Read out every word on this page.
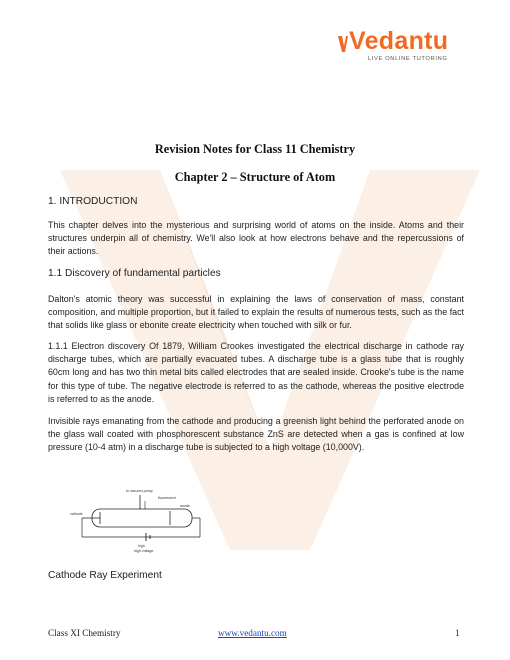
Vedantu
LIVE ONLINE TUTORING
Revision Notes for Class 11 Chemistry
Chapter 2 – Structure of Atom
1. INTRODUCTION
This chapter delves into the mysterious and surprising world of atoms on the inside. Atoms and their structures underpin all of chemistry. We'll also look at how electrons behave and the repercussions of their actions.
1.1 Discovery of fundamental particles
Dalton's atomic theory was successful in explaining the laws of conservation of mass, constant composition, and multiple proportion, but it failed to explain the results of numerous tests, such as the fact that solids like glass or ebonite create electricity when touched with silk or fur.
1.1.1 Electron discovery Of 1879, William Crookes investigated the electrical discharge in cathode ray discharge tubes, which are partially evacuated tubes. A discharge tube is a glass tube that is roughly 60cm long and has two thin metal bits called electrodes that are sealed inside. Crooke's tube is the name for this type of tube. The negative electrode is referred to as the cathode, whereas the positive electrode is referred to as the anode.
Invisible rays emanating from the cathode and producing a greenish light behind the perforated anode on the glass wall coated with phosphorescent substance ZnS are detected when a gas is confined at low pressure (10-4 atm) in a discharge tube is subjected to a high voltage (10,000V).
to vacuum pump
fluorescent
cathode
anode
high
high voltage
Cathode Ray Experiment
Class XI Chemistry	www.vedantu.com	1
